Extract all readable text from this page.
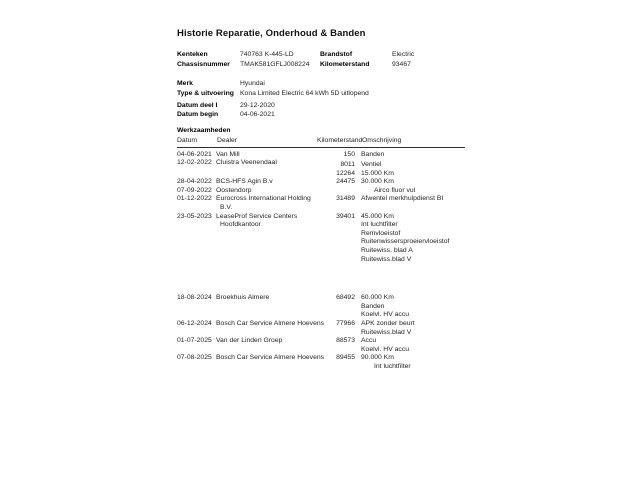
Historie Reparatie, Onderhoud & Banden
Kenteken	740763 K-445-LD	Brandstof	Electric
Chassisnummer	TMAK581GFLJ008224	Kilometerstand	93467
Merk	Hyundai
Type & uitvoering Kona Limited Electric 64 kWh 5D uitlopend
Datum deel I	29-12-2020
Datum begin	04-06-2021
Werkzaamheden
Datum	Dealer	Kilometerstand Omschrijving
04-06-2021 Van Mill	150 Banden
12-02-2022 Cluistra Veenendaal	8011 Ventiel
12264 15.000 Km
28-04-2022 BCS-HFS Agin B.v	24475 30.000 Km
07-09-2022 Oostendorp	Airco fluor vul
01-12-2022 Eurocross International Holding
B.V.
31489 Afwentel merkhulpdienst BI
23-05-2023 LeaseProf Service Centers
Hoofdkantoor
39401 45.000 Km
Int luchtfilter
Remvloeistof
Ruitenwissersproeiervloeistof
Ruitewiss. blad A
Ruitewiss.blad V
18-08-2024 Broekhuis Almere	68492 60.000 Km
Banden
Koelvl. HV accu
06-12-2024 Bosch Car Service Almere Hoevens	77966 APK zonder beurt
Ruitewiss.blad V
01-07-2025 Van der Linden Groep	88573 Accu
Koelvl. HV accu
07-08-2025 Bosch Car Service Almere Hoevens	89455 90.000 Km
Int luchtfilter
